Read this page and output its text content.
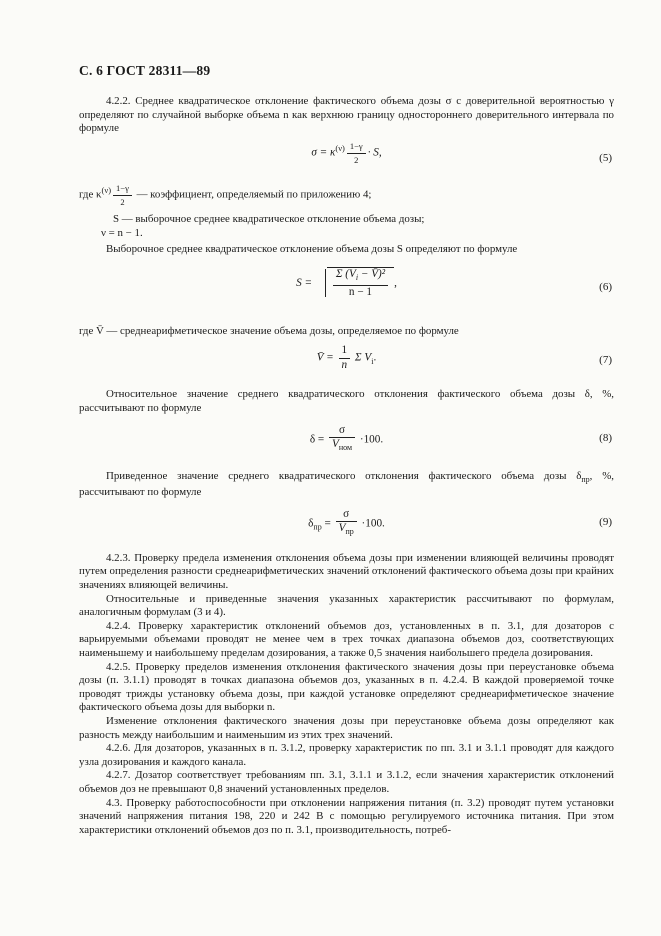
С. 6 ГОСТ 28311—89

4.2.2. Среднее квадратическое отклонение фактического объема дозы σ с доверительной вероятностью γ определяют по случайной выборке объема n как верхнюю границу одностороннего доверительного интервала по формуле

$\sigma = \kappa^{(\nu)} \frac{1-\gamma}{2} \cdot S$,	(5)

где $\kappa^{(\nu)} \frac{1-\gamma}{2}$ — коэффициент, определяемый по приложению 4;

S — выборочное среднее квадратическое отклонение объема дозы;

ν = n − 1.

Выборочное среднее квадратическое отклонение объема дозы S определяют по формуле

$S = \frac{\Sigma (V_i - V̄)^2}{n - 1}$ ,	(6)

где V̄ — среднеарифметическое значение объема дозы, определяемое по формуле

V̄ = $\frac{1}{n}$ Σ $V_i$.	(7)

Относительное значение среднего квадратического отклонения фактического объема дозы δ, %, рассчитывают по формуле

$\delta = \frac{\sigma}{V_{ном}} \cdot 100$.	(8)

Приведенное значение среднего квадратического отклонения фактического объема дозы $\delta_{пр}$, %, рассчитывают по формуле

$\delta_{пр} = \frac{\sigma}{V_{пр}} \cdot 100$.	(9)

4.2.3. Проверку предела изменения отклонения объема дозы при изменении влияющей величины проводят путем определения разности среднеарифметических значений отклонений фактического объема дозы при крайних значениях влияющей величины.

Относительные и приведенные значения указанных характеристик рассчитывают по формулам, аналогичным формулам (3 и 4).

4.2.4. Проверку характеристик отклонений объемов доз, установленных в п. 3.1, для дозаторов с варьируемыми объемами проводят не менее чем в трех точках диапазона объемов доз, соответствующих наименьшему и наибольшему пределам дозирования, а также 0,5 значения наибольшего предела дозирования.

4.2.5. Проверку пределов изменения отклонения фактического значения дозы при переустановке объема дозы (п. 3.1.1) проводят в точках диапазона объемов доз, указанных в п. 4.2.4. В каждой проверяемой точке проводят трижды установку объема дозы, при каждой установке определяют среднеарифметическое значение фактического объема дозы для выборки n.

Изменение отклонения фактического значения дозы при переустановке объема дозы определяют как разность между наибольшим и наименьшим из этих трех значений.

4.2.6. Для дозаторов, указанных в п. 3.1.2, проверку характеристик по пп. 3.1 и 3.1.1 проводят для каждого узла дозирования и каждого канала.

4.2.7. Дозатор соответствует требованиям пп. 3.1, 3.1.1 и 3.1.2, если значения характеристик отклонений объемов доз не превышают 0,8 значений установленных пределов.

4.3. Проверку работоспособности при отклонении напряжения питания (п. 3.2) проводят путем установки значений напряжения питания 198, 220 и 242 В с помощью регулируемого источника питания. При этом характеристики отклонений объемов доз по п. 3.1, производительность, потреб-
